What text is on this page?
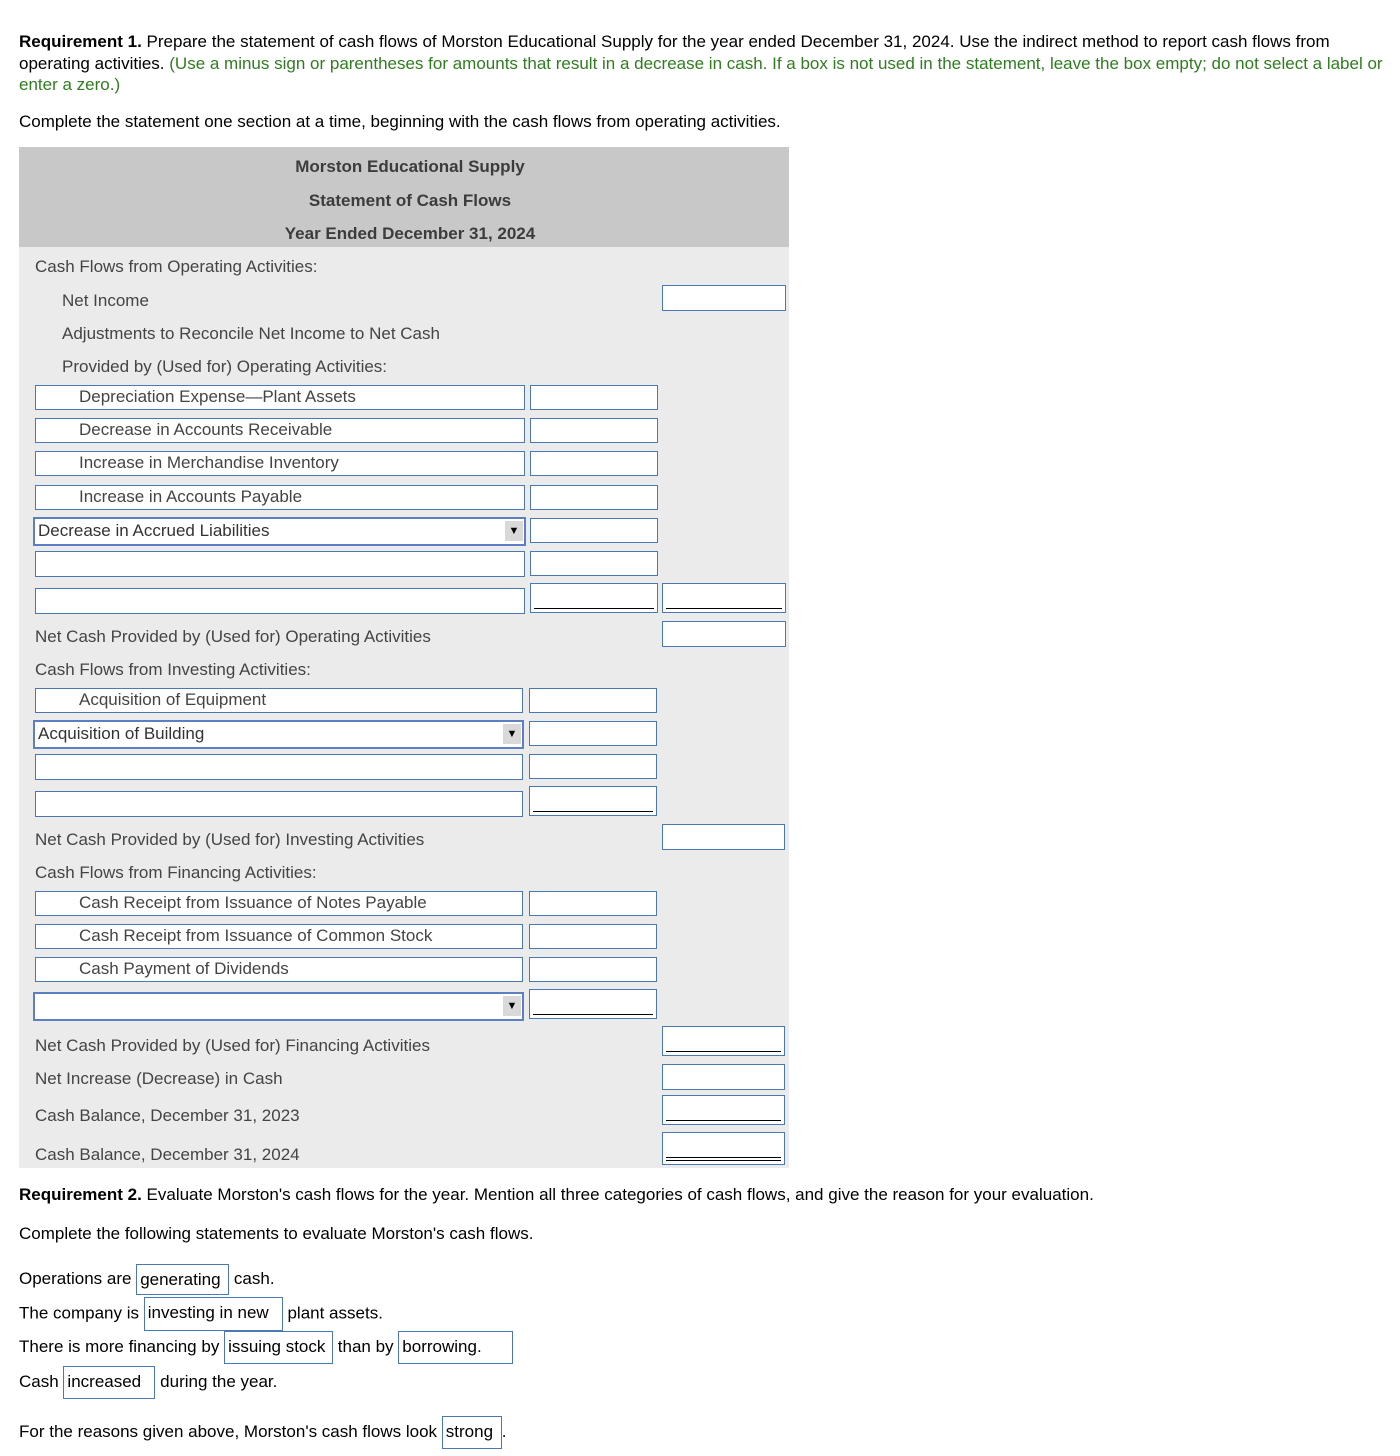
Requirement 1. Prepare the statement of cash flows of Morston Educational Supply for the year ended December 31, 2024. Use the indirect method to report cash flows from operating activities. (Use a minus sign or parentheses for amounts that result in a decrease in cash. If a box is not used in the statement, leave the box empty; do not select a label or enter a zero.)
Complete the statement one section at a time, beginning with the cash flows from operating activities.
Morston Educational Supply
Statement of Cash Flows
Year Ended December 31, 2024
Cash Flows from Operating Activities:
Net Income
Adjustments to Reconcile Net Income to Net Cash
Provided by (Used for) Operating Activities:
Depreciation Expense—Plant Assets
Decrease in Accounts Receivable
Increase in Merchandise Inventory
Increase in Accounts Payable
Decrease in Accrued Liabilities	▼
Net Cash Provided by (Used for) Operating Activities
Cash Flows from Investing Activities:
Acquisition of Equipment
Acquisition of Building	▼
Net Cash Provided by (Used for) Investing Activities
Cash Flows from Financing Activities:
Cash Receipt from Issuance of Notes Payable
Cash Receipt from Issuance of Common Stock
Cash Payment of Dividends
▼
Net Cash Provided by (Used for) Financing Activities
Net Increase (Decrease) in Cash
Cash Balance, December 31, 2023
Cash Balance, December 31, 2024
Requirement 2. Evaluate Morston's cash flows for the year. Mention all three categories of cash flows, and give the reason for your evaluation.
Complete the following statements to evaluate Morston's cash flows.
Operations are generating cash.
The company is investing in new plant assets.
There is more financing by issuing stock than by borrowing.
Cash increased during the year.
For the reasons given above, Morston's cash flows look strong .
